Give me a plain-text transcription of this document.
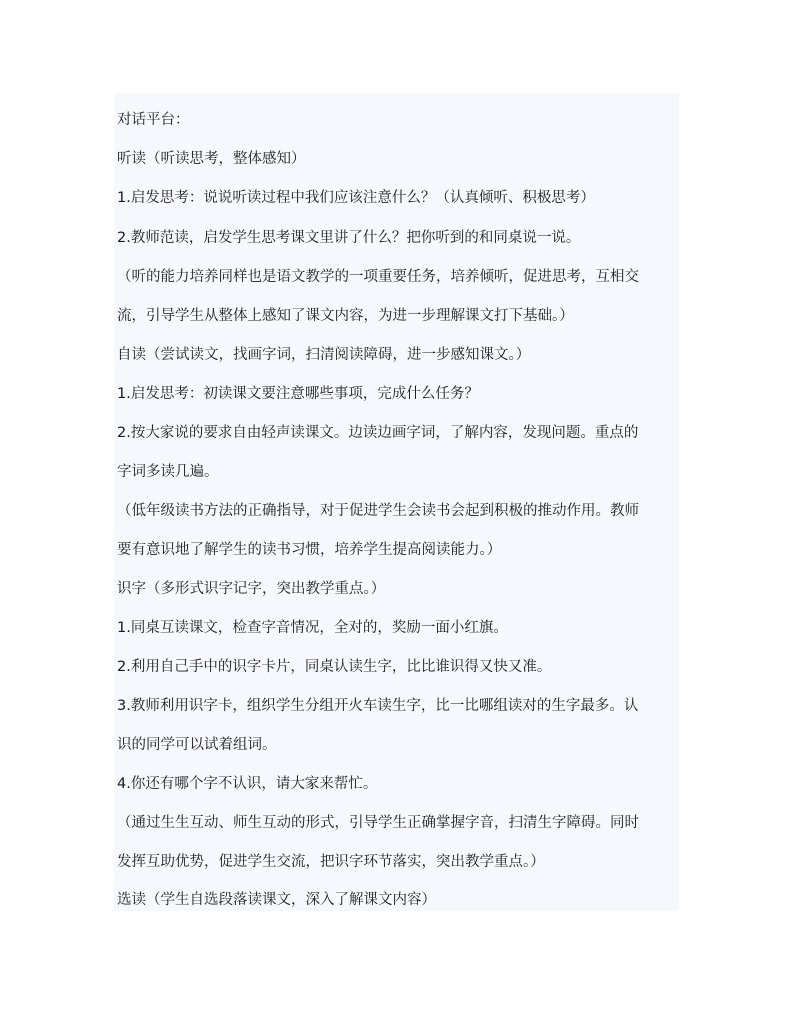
对话平台：
听读（听读思考，整体感知）
1.启发思考：说说听读过程中我们应该注意什么？（认真倾听、积极思考）
2.教师范读，启发学生思考课文里讲了什么？把你听到的和同桌说一说。
（听的能力培养同样也是语文教学的一项重要任务，培养倾听，促进思考，互相交
流，引导学生从整体上感知了课文内容，为进一步理解课文打下基础。）
自读（尝试读文，找画字词，扫清阅读障碍，进一步感知课文。）
1.启发思考：初读课文要注意哪些事项，完成什么任务？
2.按大家说的要求自由轻声读课文。边读边画字词，了解内容，发现问题。重点的
字词多读几遍。
（低年级读书方法的正确指导，对于促进学生会读书会起到积极的推动作用。教师
要有意识地了解学生的读书习惯，培养学生提高阅读能力。）
识字（多形式识字记字，突出教学重点。）
1.同桌互读课文，检查字音情况，全对的，奖励一面小红旗。
2.利用自己手中的识字卡片，同桌认读生字，比比谁识得又快又准。
3.教师利用识字卡，组织学生分组开火车读生字，比一比哪组读对的生字最多。认
识的同学可以试着组词。
4.你还有哪个字不认识，请大家来帮忙。
（通过生生互动、师生互动的形式，引导学生正确掌握字音，扫清生字障碍。同时
发挥互助优势，促进学生交流，把识字环节落实，突出教学重点。）
选读（学生自选段落读课文，深入了解课文内容）
